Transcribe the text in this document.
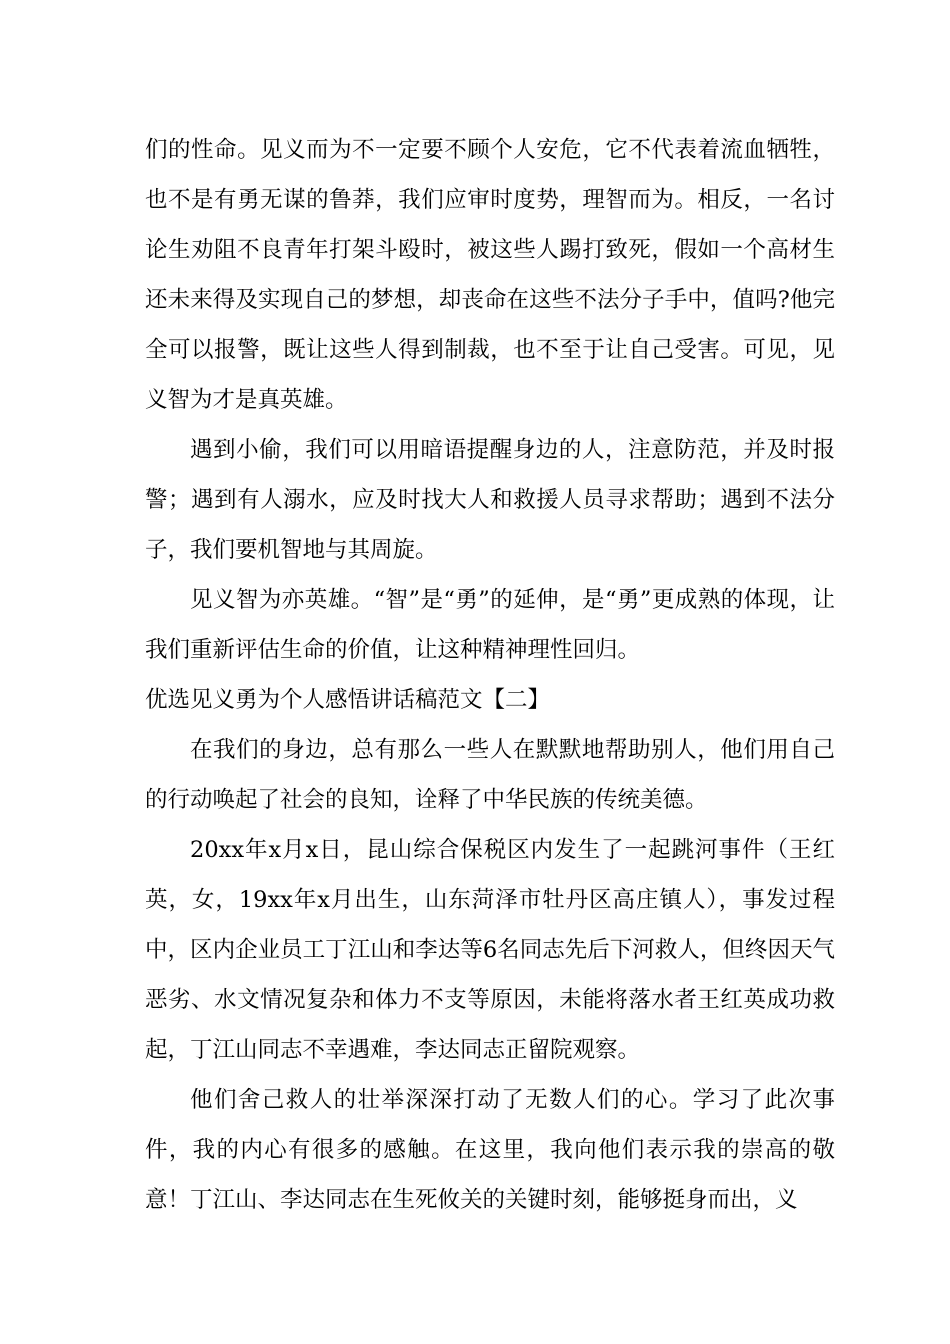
们的性命。见义而为不一定要不顾个人安危，它不代表着流血牺牲，也不是有勇无谋的鲁莽，我们应审时度势，理智而为。相反，一名讨论生劝阻不良青年打架斗殴时，被这些人踢打致死，假如一个高材生还未来得及实现自己的梦想，却丧命在这些不法分子手中，值吗?他完全可以报警，既让这些人得到制裁，也不至于让自己受害。可见，见义智为才是真英雄。

遇到小偷，我们可以用暗语提醒身边的人，注意防范，并及时报警；遇到有人溺水，应及时找大人和救援人员寻求帮助；遇到不法分子，我们要机智地与其周旋。

见义智为亦英雄。“智”是“勇”的延伸，是“勇”更成熟的体现，让我们重新评估生命的价值，让这种精神理性回归。

优选见义勇为个人感悟讲话稿范文【二】

在我们的身边，总有那么一些人在默默地帮助别人，他们用自己的行动唤起了社会的良知，诠释了中华民族的传统美德。

20xx年x月x日，昆山综合保税区内发生了一起跳河事件（王红英，女，19xx年x月出生，山东菏泽市牡丹区高庄镇人），事发过程中，区内企业员工丁江山和李达等6名同志先后下河救人，但终因天气恶劣、水文情况复杂和体力不支等原因，未能将落水者王红英成功救起，丁江山同志不幸遇难，李达同志正留院观察。

他们舍己救人的壮举深深打动了无数人们的心。学习了此次事件，我的内心有很多的感触。在这里，我向他们表示我的崇高的敬意！丁江山、李达同志在生死攸关的关键时刻，能够挺身而出，义
